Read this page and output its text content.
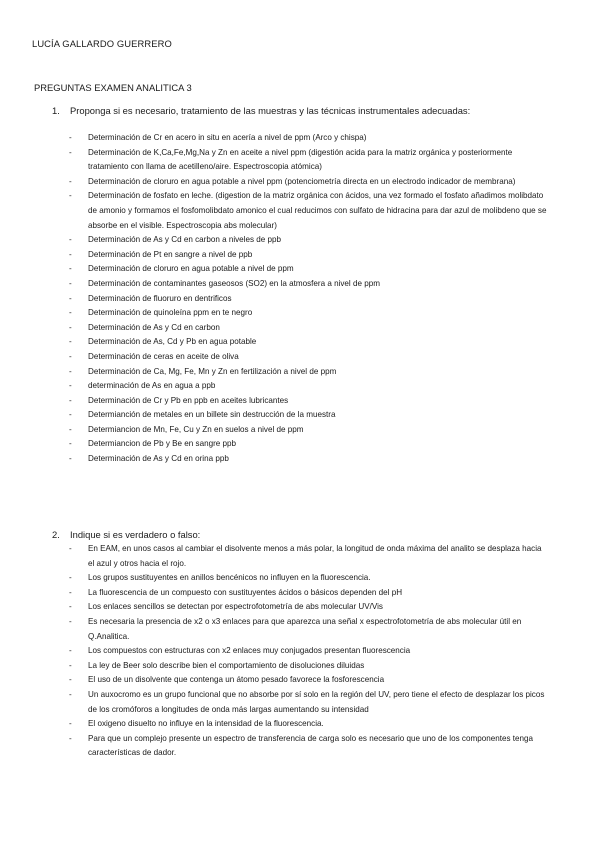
LUCÍA GALLARDO GUERRERO
PREGUNTAS EXAMEN ANALITICA 3
1. Proponga si es necesario, tratamiento de las muestras y las técnicas instrumentales adecuadas:
- Determinación de Cr en acero in situ en acería a nivel de ppm (Arco y chispa)
- Determinación de K,Ca,Fe,Mg,Na y Zn en aceite a nivel ppm (digestión acida para la matriz orgánica y posteriormente tratamiento con llama de acetilleno/aire. Espectroscopia atómica)
- Determinación de cloruro en agua potable a nivel ppm (potenciometría directa en un electrodo indicador de membrana)
- Determinación de fosfato en leche. (digestion de la matriz orgánica con ácidos, una vez formado el fosfato añadimos molibdato de amonio y formamos el fosfomolibdato amonico el cual reducimos con sulfato de hidracina para dar azul de molibdeno que se absorbe en el visible. Espectroscopia abs molecular)
- Determinación de As y Cd en carbon a niveles de ppb
- Determinación de Pt en sangre a nivel de ppb
- Determinación de cloruro en agua potable a nivel de ppm
- Determinación de contaminantes gaseosos (SO2) en la atmosfera a nivel de ppm
- Determinación de fluoruro en dentrificos
- Determinación de quinoleína ppm en te negro
- Determinación de As y Cd en carbon
- Determinación de As, Cd y Pb en agua potable
- Determinación de ceras en aceite de oliva
- Determinación de Ca, Mg, Fe, Mn y Zn en fertilización a nivel de ppm
- determinación de As en agua a ppb
- Determinación de Cr y Pb en ppb en aceites lubricantes
- Determianción de metales en un billete sin destrucción de la muestra
- Determiancion de Mn, Fe, Cu y Zn en suelos a nivel de ppm
- Determiancion de Pb y Be en sangre ppb
- Determinación de As y Cd en orina ppb
2. Indique si es verdadero o falso:
- En EAM, en unos casos al cambiar el disolvente menos a más polar, la longitud de onda máxima del analito se desplaza hacia el azul y otros hacia el rojo.
- Los grupos sustituyentes en anillos bencénicos no influyen en la fluorescencia.
- La fluorescencia de un compuesto con sustituyentes ácidos o básicos dependen del pH
- Los enlaces sencillos se detectan por espectrofotometría de abs molecular UV/Vis
- Es necesaria la presencia de x2 o x3 enlaces para que aparezca una señal x espectrofotometría de abs molecular útil en Q.Analitica.
- Los compuestos con estructuras con x2 enlaces muy conjugados presentan fluorescencia
- La ley de Beer solo describe bien el comportamiento de disoluciones diluidas
- El uso de un disolvente que contenga un átomo pesado favorece la fosforescencia
- Un auxocromo es un grupo funcional que no absorbe por sí solo en la región del UV, pero tiene el efecto de desplazar los picos de los cromóforos a longitudes de onda más largas aumentando su intensidad
- El oxigeno disuelto no influye en la intensidad de la fluorescencia.
- Para que un complejo presente un espectro de transferencia de carga solo es necesario que uno de los componentes tenga características de dador.
